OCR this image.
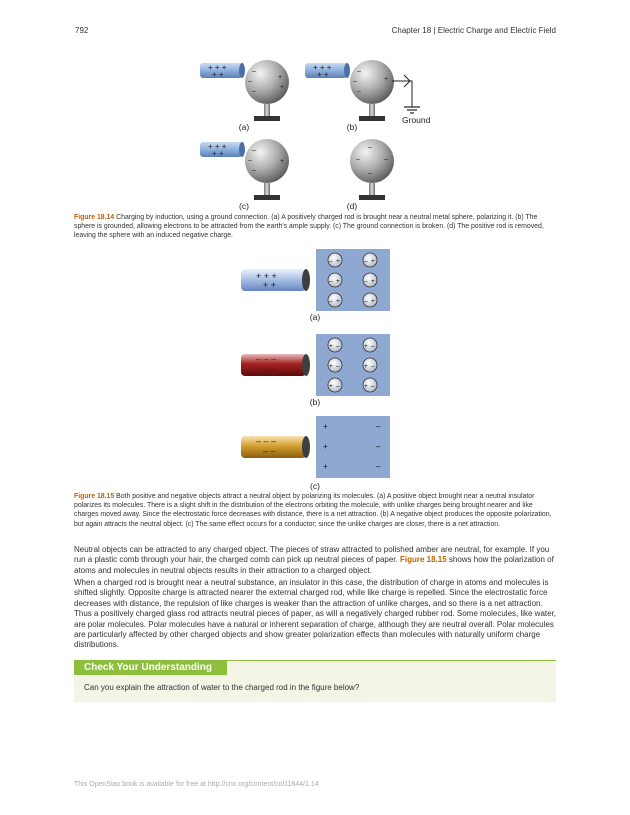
792	Chapter 18 | Electric Charge and Electric Field
+ + +
+ +	–
–
–
+
+
+ + +
+ +	–
–
–
+
+ + +
+ +	–
–
–
+
–
–	–
–
(a)	(b)
Ground
(c)	(d)
Figure 18.14 Charging by induction, using a ground connection. (a) A positively charged rod is brought near a neutral metal sphere, polarizing it. (b) The sphere is grounded, allowing electrons to be attracted from the earth's ample supply. (c) The ground connection is broken. (d) The positive rod is removed, leaving the sphere with an induced negative charge.
+ + +
+ +
– +	– +
– +	– +
– +	– +
– – –
– –
+ –	+ –
+ –	+ –
+ –	+ –
– – –
– –
+	–
+	–
+	–
(a)
(b)
(c)
Figure 18.15 Both positive and negative objects attract a neutral object by polarizing its molecules. (a) A positive object brought near a neutral insulator polarizes its molecules. There is a slight shift in the distribution of the electrons orbiting the molecule, with unlike charges being brought nearer and like charges moved away. Since the electrostatic force decreases with distance, there is a net attraction. (b) A negative object produces the opposite polarization, but again attracts the neutral object. (c) The same effect occurs for a conductor; since the unlike charges are closer, there is a net attraction.
Neutral objects can be attracted to any charged object. The pieces of straw attracted to polished amber are neutral, for example. If you run a plastic comb through your hair, the charged comb can pick up neutral pieces of paper. Figure 18.15 shows how the polarization of atoms and molecules in neutral objects results in their attraction to a charged object.
When a charged rod is brought near a neutral substance, an insulator in this case, the distribution of charge in atoms and molecules is shifted slightly. Opposite charge is attracted nearer the external charged rod, while like charge is repelled. Since the electrostatic force decreases with distance, the repulsion of like charges is weaker than the attraction of unlike charges, and so there is a net attraction. Thus a positively charged glass rod attracts neutral pieces of paper, as will a negatively charged rubber rod. Some molecules, like water, are polar molecules. Polar molecules have a natural or inherent separation of charge, although they are neutral overall. Polar molecules are particularly affected by other charged objects and show greater polarization effects than molecules with naturally uniform charge distributions.
Check Your Understanding
Can you explain the attraction of water to the charged rod in the figure below?
This OpenStax book is available for free at http://cnx.org/content/col11844/1.14
